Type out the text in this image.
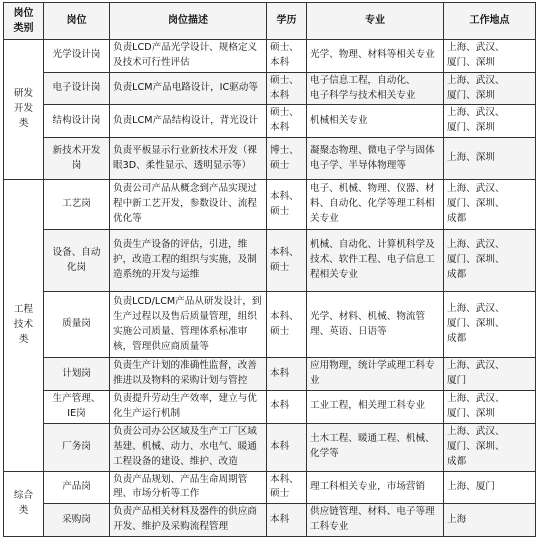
岗位
类别	岗位	岗位描述	学历	专业	工作地点
研发
开发
类	光学设计岗	负责LCD产品光学设计、规格定义及技术可行性评估	硕士、
本科	光学、物理、材料等相关专业	上海、武汉、
厦门、深圳
	电子设计岗	负责LCM产品电路设计，IC驱动等	硕士、
本科	电子信息工程，自动化、
电子科学与技术相关专业	上海、武汉、
厦门、深圳
	结构设计岗	负责LCM产品结构设计，背光设计	硕士、
本科	机械相关专业	上海、武汉、
厦门、深圳
	新技术开发
岗	负责平板显示行业新技术开发（裸眼3D、柔性显示、透明显示等）	博士、
硕士	凝聚态物理、微电子学与固体电子学、半导体物理等	上海、深圳
工程
技术
类	工艺岗	负责公司产品从概念到产品实现过程中新工艺开发，参数设计、流程优化等	本科、
硕士	电子、机械、物理、仪器、材料、自动化、化学等理工科相关专业	上海、武汉、
厦门、深圳、
成都
	设备、自动
化岗	负责生产设备的评估，引进，维护，改造工程的组织与实施，及制造系统的开发与运维	本科、
硕士	机械、自动化、计算机科学及技术、软件工程、电子信息工程相关专业	上海、武汉、
厦门、深圳、
成都
	质量岗	负责LCD/LCM产品从研发设计，到生产过程以及售后质量管理，组织实施公司质量、管理体系标准审核，管理供应商质量等	本科、
硕士	光学、材料、机械、物流管理、英语、日语等	上海、武汉、
厦门、深圳、
成都
	计划岗	负责生产计划的准确性监督，改善推进以及物料的采购计划与管控	本科	应用物理，统计学或理工科专业	上海、武汉、
厦门
	生产管理、
IE岗	负责提升劳动生产效率，建立与优化生产运行机制	本科	工业工程，相关理工科专业	上海、武汉、
厦门、深圳
	厂务岗	负责公司办公区域及生产工厂区域基建、机械、动力、水电气、暖通工程设备的建设、维护、改造	本科	土木工程、暖通工程、机械、化学等	上海、武汉、
厦门、深圳、
成都
综合
类	产品岗	负责产品规划、产品生命周期管理、市场分析等工作	本科、
硕士	理工科相关专业，市场营销	上海、厦门
	采购岗	负责产品相关材料及器件的供应商开发、维护及采购流程管理	本科	供应链管理、材料、电子等理工科专业	上海
